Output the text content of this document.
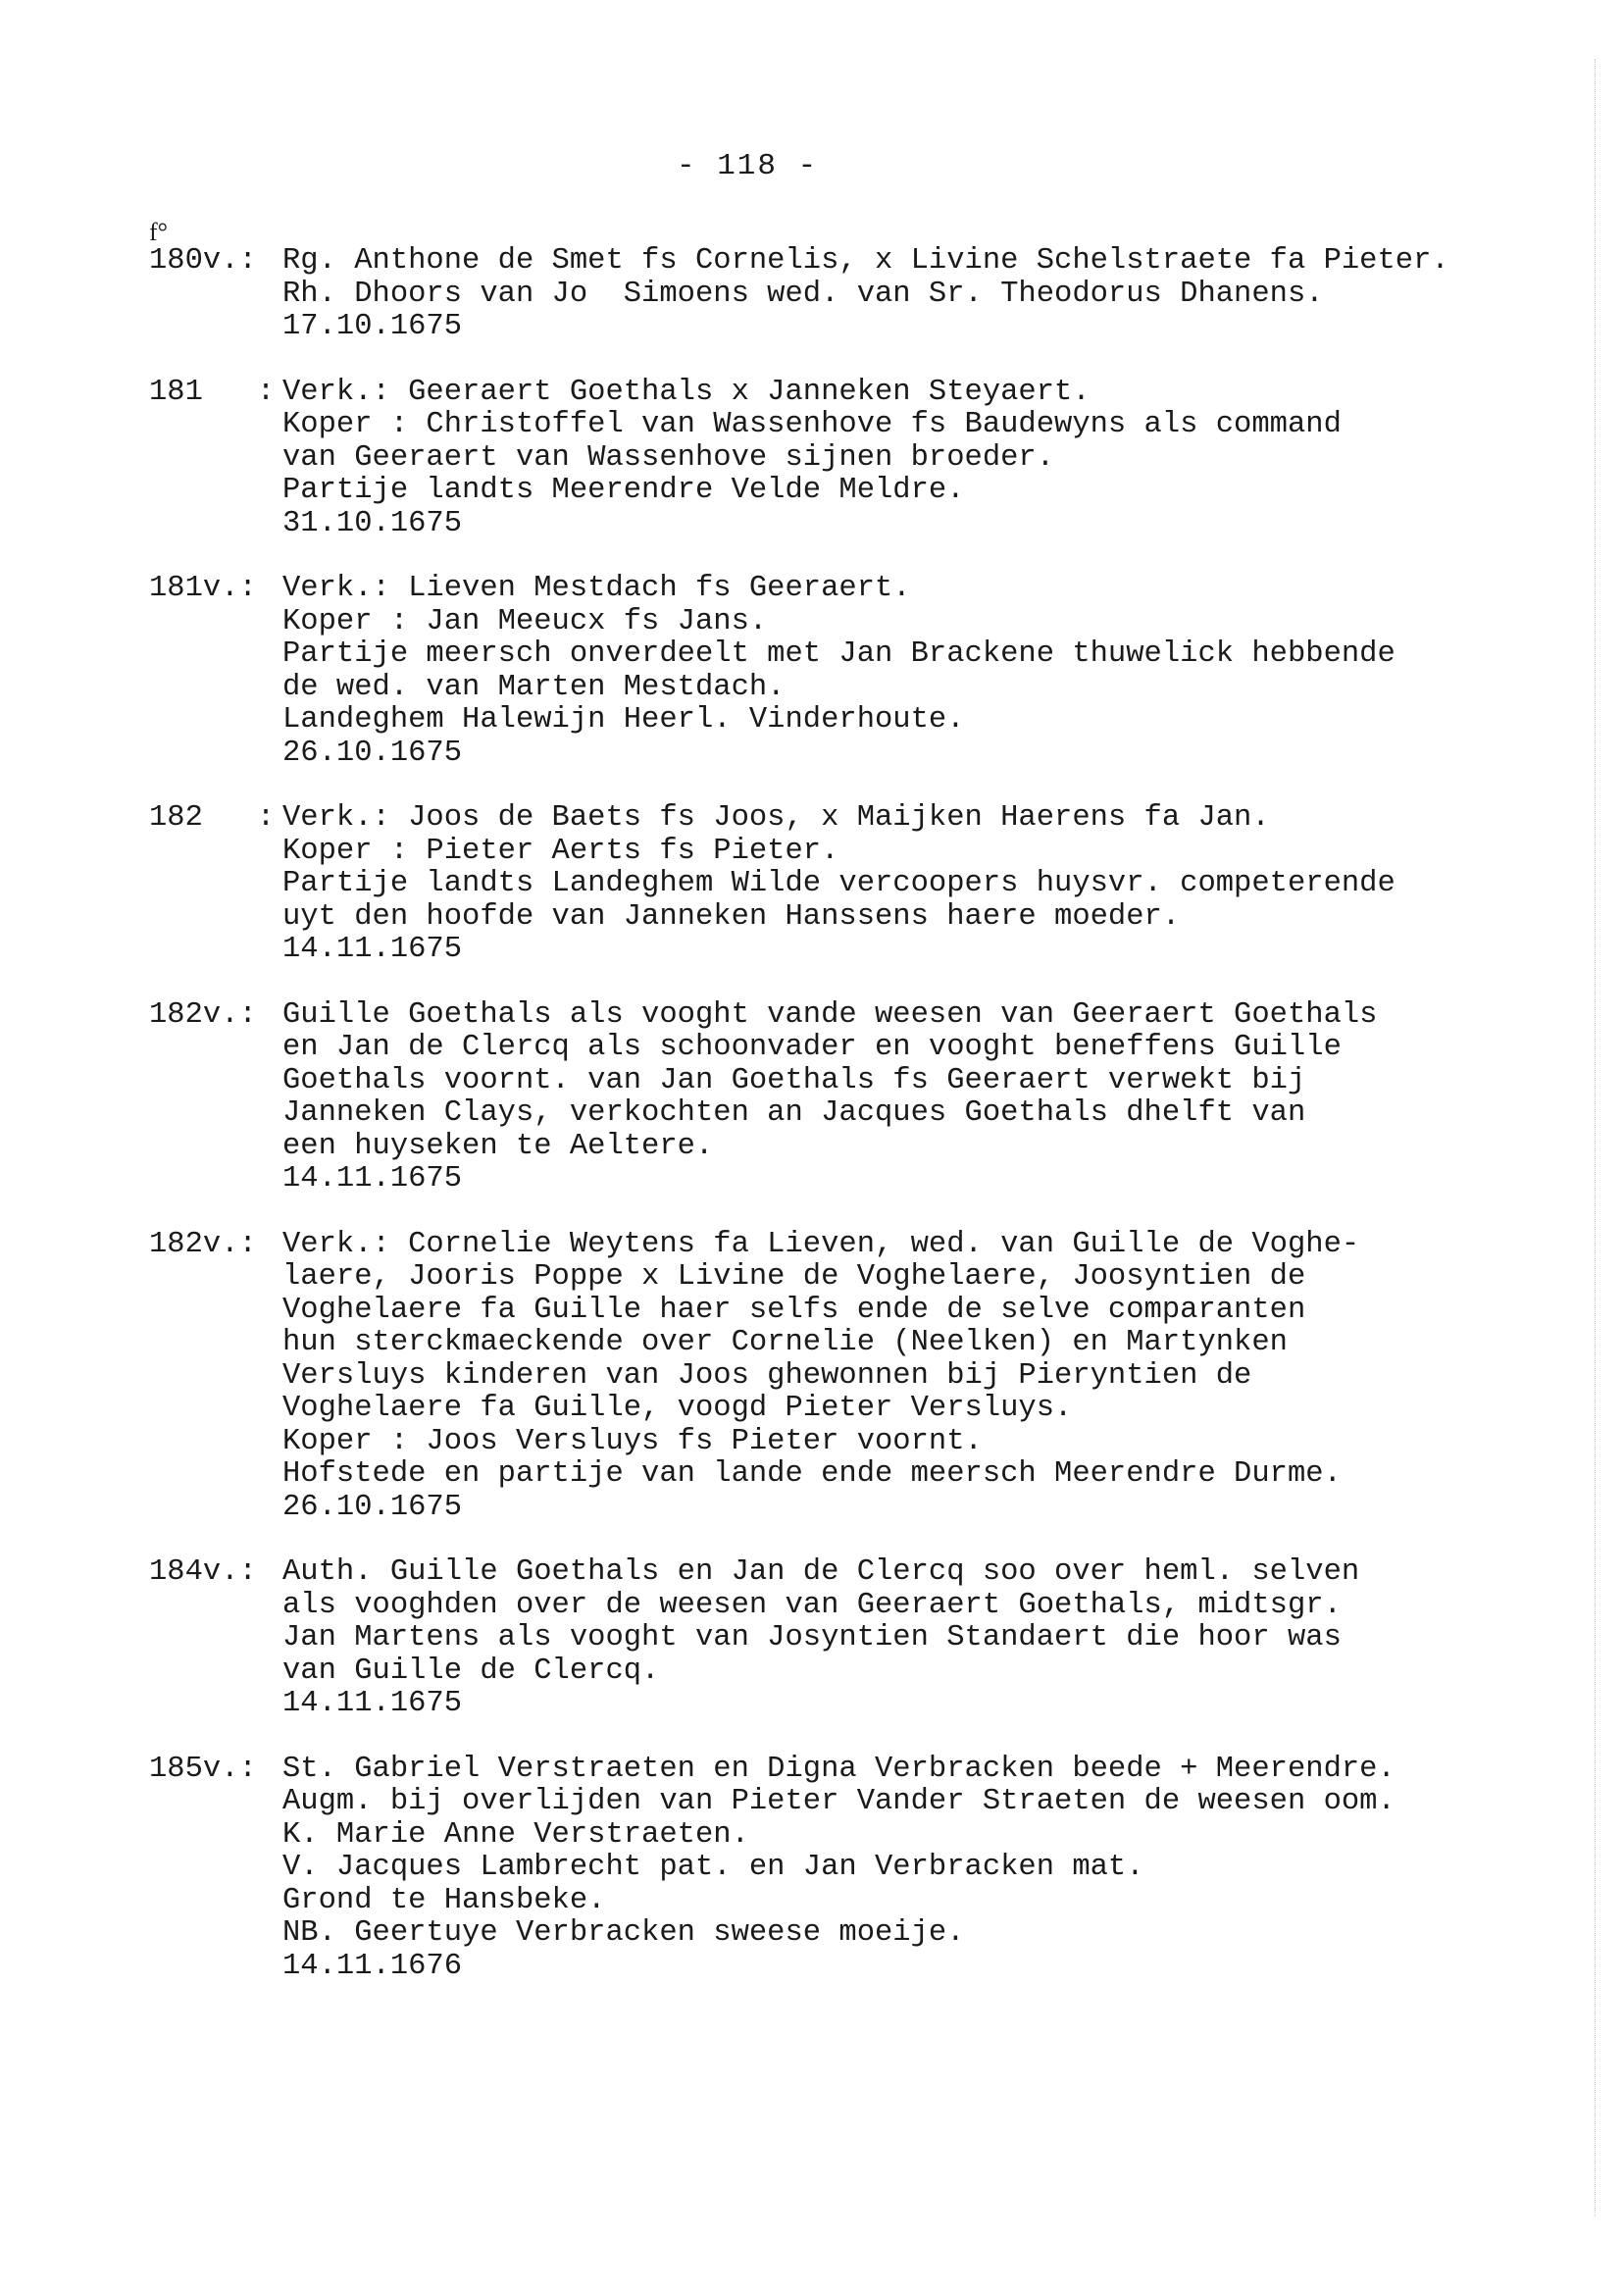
- 118 -
f°
180v.: Rg. Anthone de Smet fs Cornelis, x Livine Schelstraete fa Pieter.
Rh. Dhoors van Jo  Simoens wed. van Sr. Theodorus Dhanens.
17.10.1675
181   : Verk.: Geeraert Goethals x Janneken Steyaert.
Koper : Christoffel van Wassenhove fs Baudewyns als command
van Geeraert van Wassenhove sijnen broeder.
Partije landts Meerendre Velde Meldre.
31.10.1675
181v.: Verk.: Lieven Mestdach fs Geeraert.
Koper : Jan Meeucx fs Jans.
Partije meersch onverdeelt met Jan Brackene thuwelick hebbende
de wed. van Marten Mestdach.
Landeghem Halewijn Heerl. Vinderhoute.
26.10.1675
182   : Verk.: Joos de Baets fs Joos, x Maijken Haerens fa Jan.
Koper : Pieter Aerts fs Pieter.
Partije landts Landeghem Wilde vercoopers huysvr. competerende
uyt den hoofde van Janneken Hanssens haere moeder.
14.11.1675
182v.: Guille Goethals als vooght vande weesen van Geeraert Goethals
en Jan de Clercq als schoonvader en vooght beneffens Guille
Goethals voornt. van Jan Goethals fs Geeraert verwekt bij
Janneken Clays, verkochten an Jacques Goethals dhelft van
een huyseken te Aeltere.
14.11.1675
182v.: Verk.: Cornelie Weytens fa Lieven, wed. van Guille de Voghe-
laere, Jooris Poppe x Livine de Voghelaere, Joosyntien de
Voghelaere fa Guille haer selfs ende de selve comparanten
hun sterckmaeckende over Cornelie (Neelken) en Martynken
Versluys kinderen van Joos ghewonnen bij Pieryntien de
Voghelaere fa Guille, voogd Pieter Versluys.
Koper : Joos Versluys fs Pieter voornt.
Hofstede en partije van lande ende meersch Meerendre Durme.
26.10.1675
184v.: Auth. Guille Goethals en Jan de Clercq soo over heml. selven
als vooghden over de weesen van Geeraert Goethals, midtsgr.
Jan Martens als vooght van Josyntien Standaert die hoor was
van Guille de Clercq.
14.11.1675
185v.: St. Gabriel Verstraeten en Digna Verbracken beede + Meerendre.
Augm. bij overlijden van Pieter Vander Straeten de weesen oom.
K. Marie Anne Verstraeten.
V. Jacques Lambrecht pat. en Jan Verbracken mat.
Grond te Hansbeke.
NB. Geertuye Verbracken sweese moeije.
14.11.1676
